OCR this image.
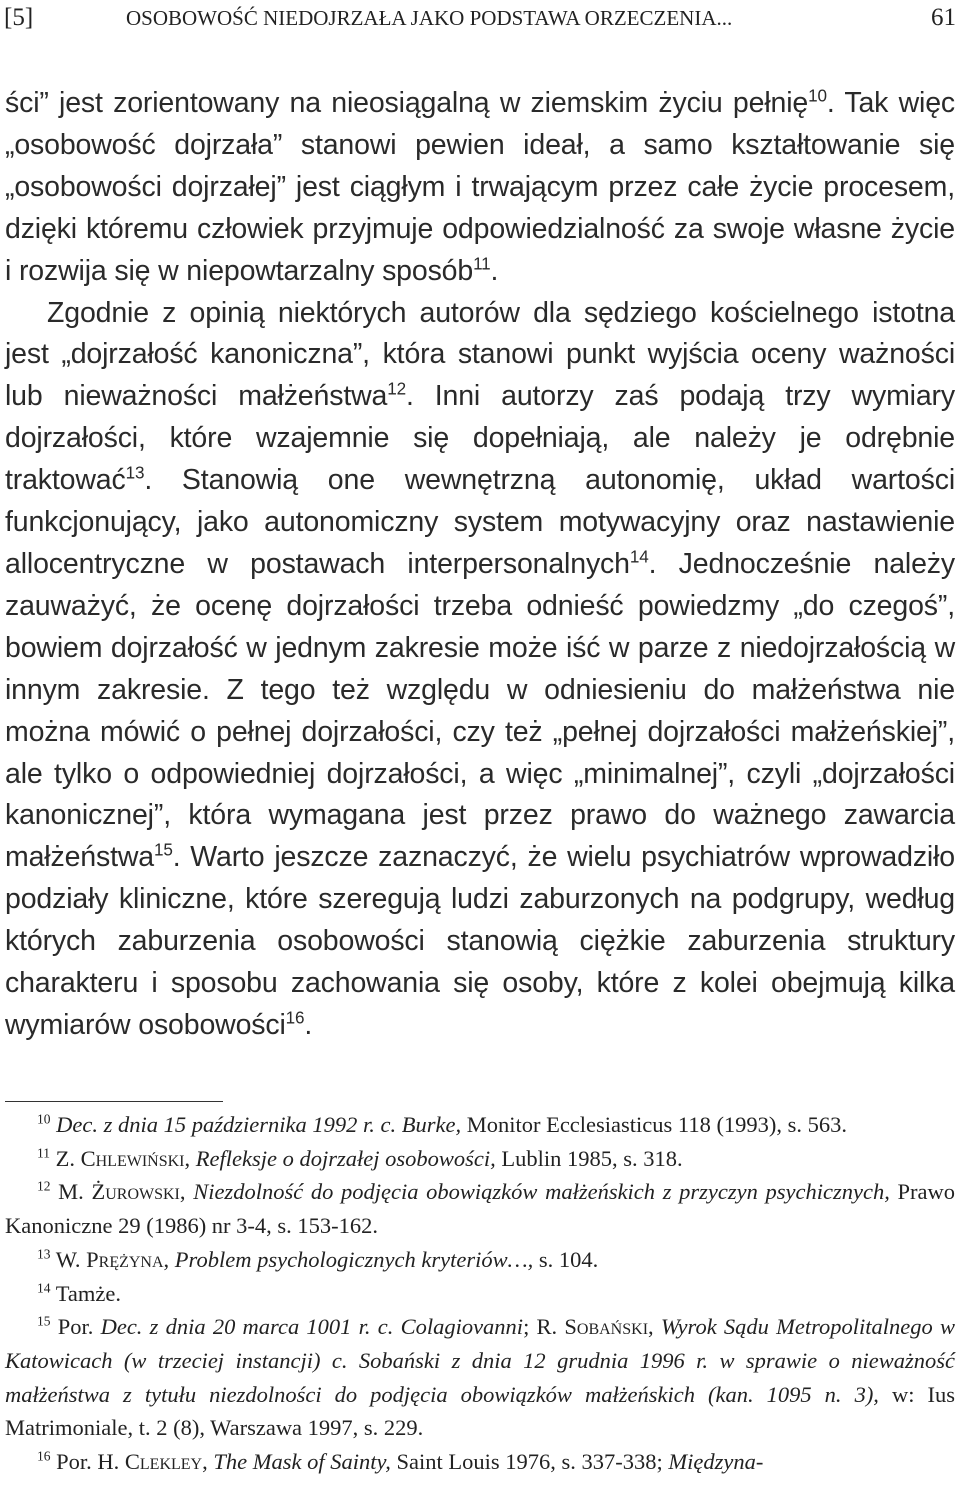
[5]	OSOBOWOŚĆ NIEDOJRZAŁA JAKO PODSTAWA ORZECZENIA...	61

ści” jest zorientowany na nieosiągalną w ziemskim życiu pełnię$^{10}$. Tak więc „osobowość dojrzała” stanowi pewien ideał, a samo kształtowanie się „osobowości dojrzałej” jest ciągłym i trwającym przez całe życie procesem, dzięki któremu człowiek przyjmuje odpowiedzialność za swoje własne życie i rozwija się w niepowtarzalny sposób$^{11}$.

Zgodnie z opinią niektórych autorów dla sędziego kościelnego istotna jest „dojrzałość kanoniczna”, która stanowi punkt wyjścia oceny ważności lub nieważności małżeństwa$^{12}$. Inni autorzy zaś podają trzy wymiary dojrzałości, które wzajemnie się dopełniają, ale należy je odrębnie traktować$^{13}$. Stanowią one wewnętrzną autonomię, układ wartości funkcjonujący, jako autonomiczny system motywacyjny oraz nastawienie allocentryczne w postawach interpersonalnych$^{14}$. Jednocześnie należy zauważyć, że ocenę dojrzałości trzeba odnieść powiedzmy „do czegoś”, bowiem dojrzałość w jednym zakresie może iść w parze z niedojrzałością w innym zakresie. Z tego też względu w odniesieniu do małżeństwa nie można mówić o pełnej dojrzałości, czy też „pełnej dojrzałości małżeńskiej”, ale tylko o odpowiedniej dojrzałości, a więc „minimalnej”, czyli „dojrzałości kanonicznej”, która wymagana jest przez prawo do ważnego zawarcia małżeństwa$^{15}$. Warto jeszcze zaznaczyć, że wielu psychiatrów wprowadziło podziały kliniczne, które szeregują ludzi zaburzonych na podgrupy, według których zaburzenia osobowości stanowią ciężkie zaburzenia struktury charakteru i sposobu zachowania się osoby, które z kolei obejmują kilka wymiarów osobowości$^{16}$.

$^{10}$ Dec. z dnia 15 października 1992 r. c. Burke, Monitor Ecclesiasticus 118 (1993), s. 563.

$^{11}$ Z. Chlewiński, Refleksje o dojrzałej osobowości, Lublin 1985, s. 318.

$^{12}$ M. Żurowski, Niezdolność do podjęcia obowiązków małżeńskich z przyczyn psychicznych, Prawo Kanoniczne 29 (1986) nr 3-4, s. 153-162.

$^{13}$ W. Prężyna, Problem psychologicznych kryteriów…, s. 104.

$^{14}$ Tamże.

$^{15}$ Por. Dec. z dnia 20 marca 1001 r. c. Colagiovanni; R. Sobański, Wyrok Sądu Metropolitalnego w Katowicach (w trzeciej instancji) c. Sobański z dnia 12 grudnia 1996 r. w sprawie o nieważność małżeństwa z tytułu niezdolności do podjęcia obowiązków małżeńskich (kan. 1095 n. 3), w: Ius Matrimoniale, t. 2 (8), Warszawa 1997, s. 229.

$^{16}$ Por. H. Clekley, The Mask of Sainty, Saint Louis 1976, s. 337-338; Międzyna-
